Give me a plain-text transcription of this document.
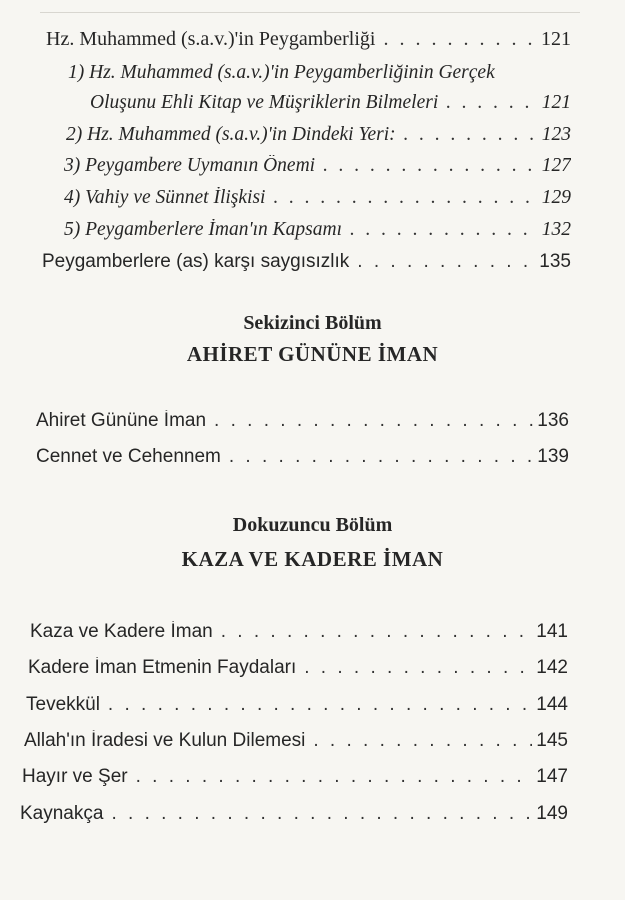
Hz. Muhammed (s.a.v.)'in Peygamberliği . . .	121
1) Hz. Muhammed (s.a.v.)'in Peygamberliğinin Gerçek
Oluşunu Ehli Kitap ve Müşriklerin Bilmeleri . . .	121
2) Hz. Muhammed (s.a.v.)'in Dindeki Yeri: . . .	123
3) Peygambere Uymanın Önemi . . .	127
4) Vahiy ve Sünnet İlişkisi . . .	129
5) Peygamberlere İman'ın Kapsamı . . .	132
Peygamberlere (as) karşı saygısızlık . . .	135
Sekizinci Bölüm
AHİRET GÜNÜNE İMAN
Ahiret Gününe İman . . .	136
Cennet ve Cehennem . . .	139
Dokuzuncu Bölüm
KAZA VE KADERE İMAN
Kaza ve Kadere İman . . .	141
Kadere İman Etmenin Faydaları . . .	142
Tevekkül . . .	144
Allah'ın İradesi ve Kulun Dilemesi . . .	145
Hayır ve Şer . . .	147
Kaynakça . . .	149
